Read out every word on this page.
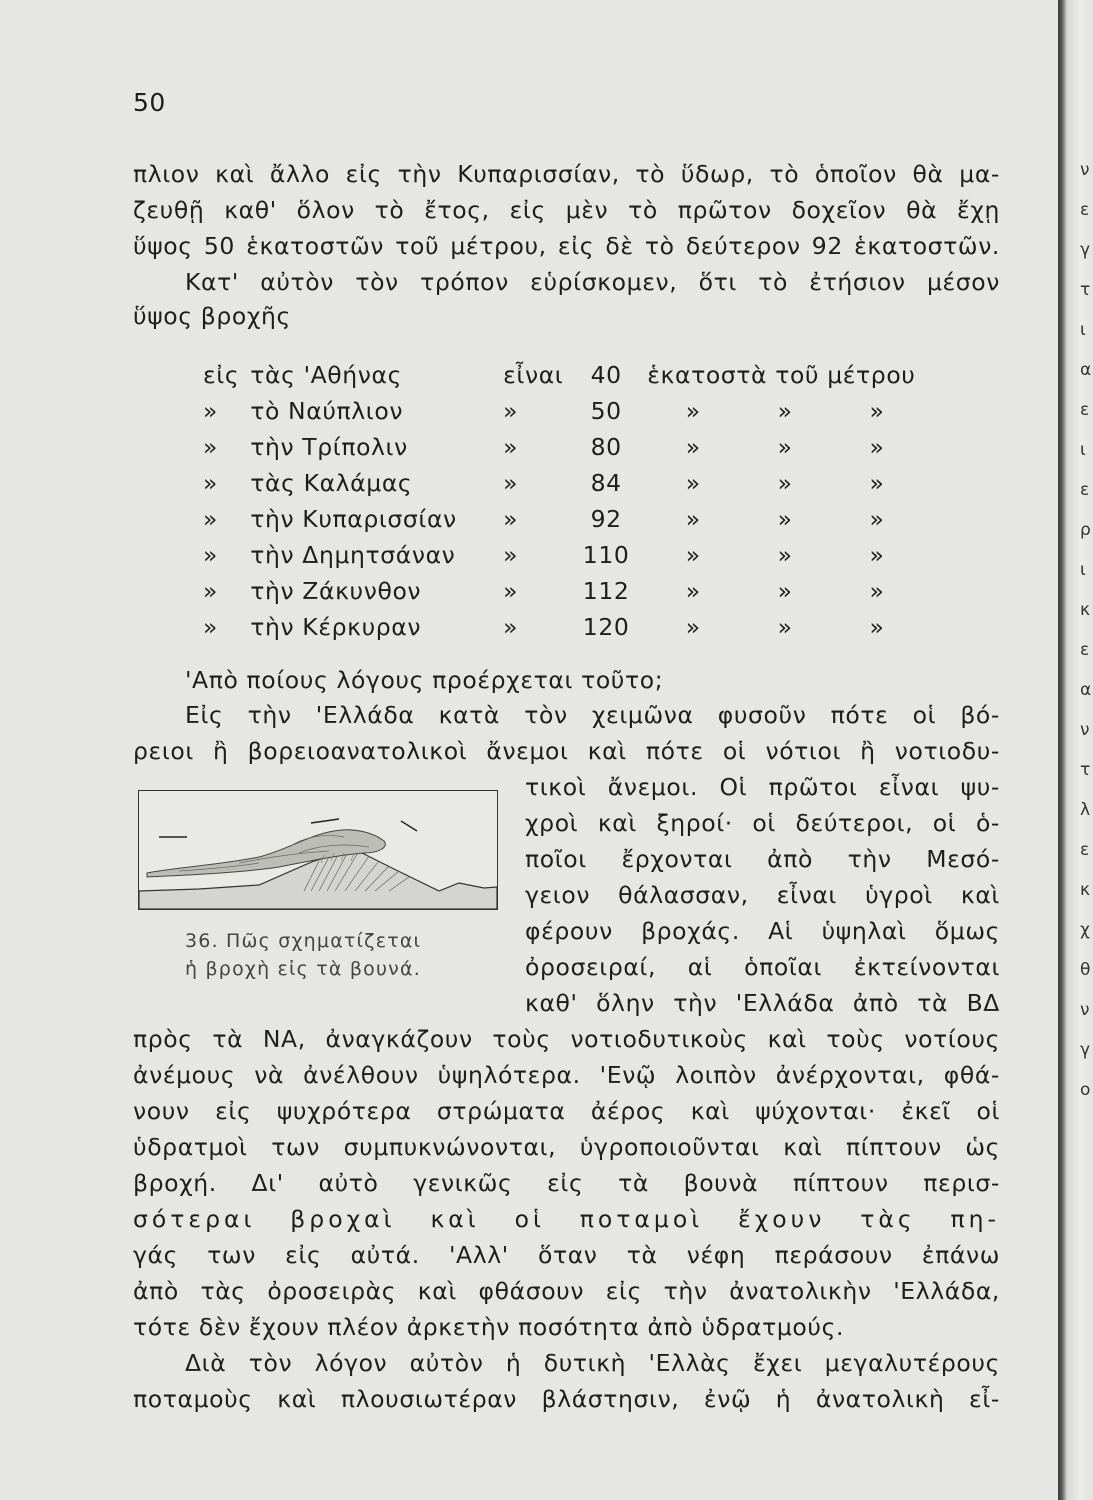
50
πλιον καὶ ἄλλο εἰς τὴν Κυπαρισσίαν, τὸ ὕδωρ, τὸ ὁποῖον θὰ μα-
ζευθῇ καθ' ὅλον τὸ ἔτος, εἰς μὲν τὸ πρῶτον δοχεῖον θὰ ἔχῃ
ὕψος 50 ἑκατοστῶν τοῦ μέτρου, εἰς δὲ τὸ δεύτερον 92 ἑκατοστῶν.
Κατ' αὐτὸν τὸν τρόπον εὑρίσκομεν, ὅτι τὸ ἐτήσιον μέσον
ὕψος βροχῆς
εἰς	τὰς 'Αθήνας	εἶναι	40	ἑκατοστὰ τοῦ μέτρου		
»	τὸ Ναύπλιον	»	50	»	»	»
»	τὴν Τρίπολιν	»	80	»	»	»
»	τὰς Καλάμας	»	84	»	»	»
»	τὴν Κυπαρισσίαν	»	92	»	»	»
»	τὴν Δημητσάναν	»	110	»	»	»
»	τὴν Ζάκυνθον	»	112	»	»	»
»	τὴν Κέρκυραν	»	120	»	»	»
'Απὸ ποίους λόγους προέρχεται τοῦτο;
Εἰς τὴν 'Ελλάδα κατὰ τὸν χειμῶνα φυσοῦν πότε οἱ βό-
ρειοι ἢ βορειοανατολικοὶ ἄνεμοι καὶ πότε οἱ νότιοι ἢ νοτιοδυ-
τικοὶ ἄνεμοι. Οἱ πρῶτοι εἶναι ψυ-
χροὶ καὶ ξηροί· οἱ δεύτεροι, οἱ ὁ-
ποῖοι ἔρχονται ἀπὸ τὴν Μεσό-
γειον θάλασσαν, εἶναι ὑγροὶ καὶ
φέρουν βροχάς. Αἱ ὑψηλαὶ ὅμως
ὀροσειραί, αἱ ὁποῖαι ἐκτείνονται
καθ' ὅλην τὴν 'Ελλάδα ἀπὸ τὰ ΒΔ
36. Πῶς σχηματίζεται
ἡ βροχὴ εἰς τὰ βουνά.
πρὸς τὰ ΝΑ, ἀναγκάζουν τοὺς νοτιοδυτικοὺς καὶ τοὺς νοτίους
ἀνέμους νὰ ἀνέλθουν ὑψηλότερα. 'Ενῷ λοιπὸν ἀνέρχονται, φθά-
νουν εἰς ψυχρότερα στρώματα ἀέρος καὶ ψύχονται· ἐκεῖ οἱ
ὑδρατμοὶ των συμπυκνώνονται, ὑγροποιοῦνται καὶ πίπτουν ὡς
βροχή. Δι' αὐτὸ γενικῶς εἰς τὰ βουνὰ πίπτουν περισ-
σότεραι βροχαὶ καὶ οἱ ποταμοὶ ἔχουν τὰς πη-
γάς των εἰς αὐτά. 'Αλλ' ὅταν τὰ νέφη περάσουν ἐπάνω
ἀπὸ τὰς ὀροσειρὰς καὶ φθάσουν εἰς τὴν ἀνατολικὴν 'Ελλάδα,
τότε δὲν ἔχουν πλέον ἀρκετὴν ποσότητα ἀπὸ ὑδρατμούς.
Διὰ τὸν λόγον αὐτὸν ἡ δυτικὴ 'Ελλὰς ἔχει μεγαλυτέρους
ποταμοὺς καὶ πλουσιωτέραν βλάστησιν, ἐνῷ ἡ ἀνατολικὴ εἶ-
ν
ε
γ
τ
ι
α
ε
ι
ε
ρ
ι
κ
ε
α
ν
τ
λ
ε
κ
χ
θ
ν
γ
ο
